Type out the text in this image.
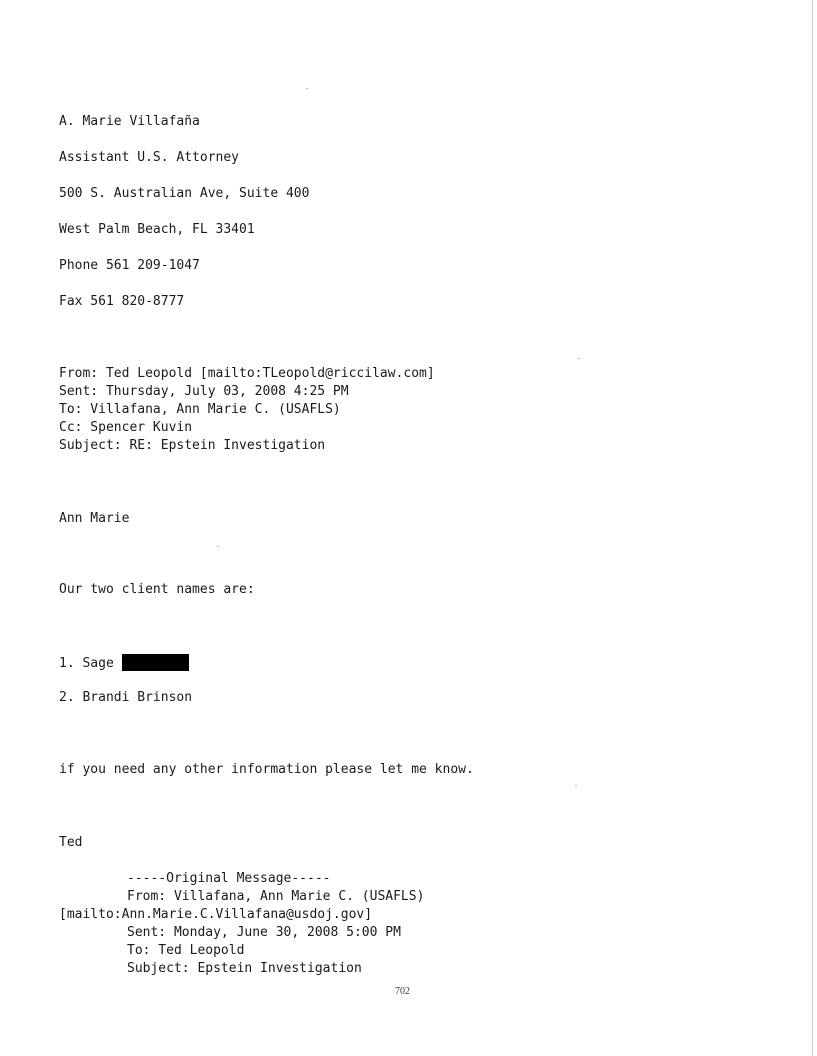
A. Marie Villafaña
Assistant U.S. Attorney
500 S. Australian Ave, Suite 400
West Palm Beach, FL 33401
Phone 561 209-1047
Fax 561 820-8777
From: Ted Leopold [mailto:TLeopold@riccilaw.com]
Sent: Thursday, July 03, 2008 4:25 PM
To: Villafana, Ann Marie C. (USAFLS)
Cc: Spencer Kuvin
Subject: RE: Epstein Investigation
Ann Marie
Our two client names are:
1. Sage
2. Brandi Brinson
if you need any other information please let me know.
Ted
-----Original Message-----
From: Villafana, Ann Marie C. (USAFLS)
[mailto:Ann.Marie.C.Villafana@usdoj.gov]
Sent: Monday, June 30, 2008 5:00 PM
To: Ted Leopold
Subject: Epstein Investigation
702
